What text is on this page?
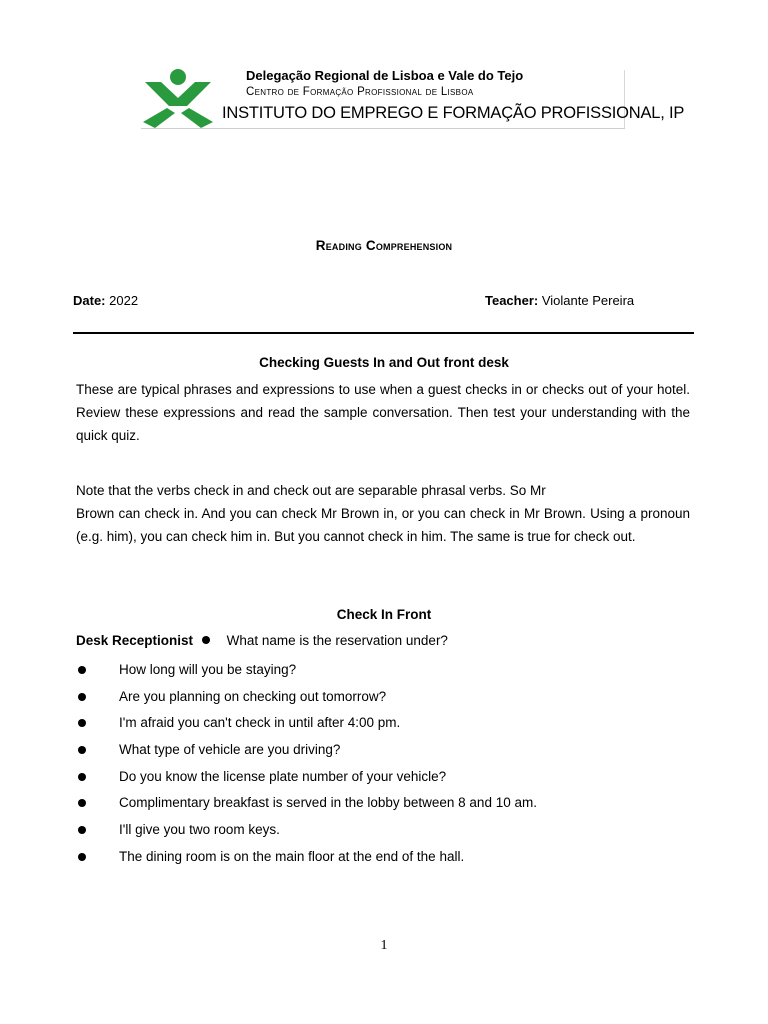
Delegação Regional de Lisboa e Vale do Tejo
Centro de Formação Profissional de Lisboa
INSTITUTO DO EMPREGO E FORMAÇÃO PROFISSIONAL, IP
Reading Comprehension
Date: 2022	Teacher: Violante Pereira
Checking Guests In and Out front desk

These are typical phrases and expressions to use when a guest checks in or checks out of your hotel. Review these expressions and read the sample conversation. Then test your understanding with the quick quiz.

Note that the verbs check in and check out are separable phrasal verbs. So Mr

Brown can check in. And you can check Mr Brown in, or you can check in Mr Brown. Using a pronoun (e.g. him), you can check him in. But you cannot check in him. The same is true for check out.

Check In Front
Desk Receptionist What name is the reservation under?
How long will you be staying?
Are you planning on checking out tomorrow?
I'm afraid you can't check in until after 4:00 pm.
What type of vehicle are you driving?
Do you know the license plate number of your vehicle?
Complimentary breakfast is served in the lobby between 8 and 10 am.
I'll give you two room keys.
The dining room is on the main floor at the end of the hall.
1
